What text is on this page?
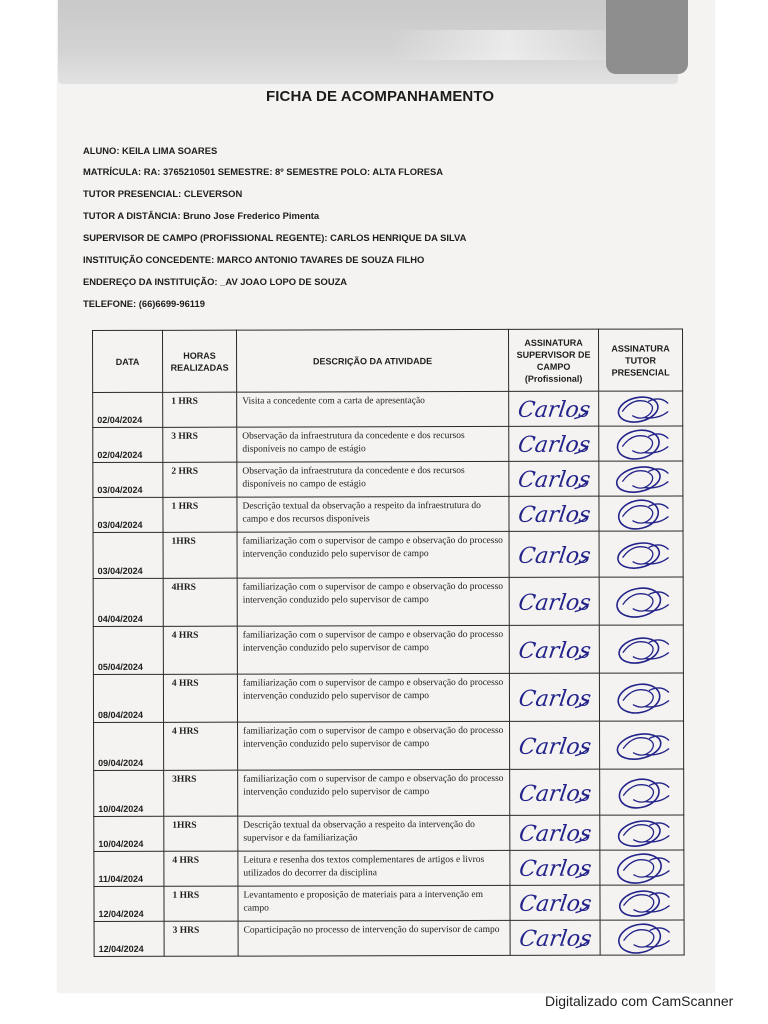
FICHA DE ACOMPANHAMENTO
ALUNO: KEILA LIMA SOARES
MATRÍCULA: RA: 3765210501 SEMESTRE: 8º SEMESTRE POLO: ALTA FLORESA
TUTOR PRESENCIAL: CLEVERSON
TUTOR A DISTÂNCIA: Bruno Jose Frederico Pimenta
SUPERVISOR DE CAMPO (PROFISSIONAL REGENTE): CARLOS HENRIQUE DA SILVA
INSTITUIÇÃO CONCEDENTE: MARCO ANTONIO TAVARES DE SOUZA FILHO
ENDEREÇO DA INSTITUIÇÃO: _AV JOAO LOPO DE SOUZA
TELEFONE: (66)6699-96119
DATA	HORAS REALIZADAS	DESCRIÇÃO DA ATIVIDADE	ASSINATURA SUPERVISOR DE CAMPO (Profissional)	ASSINATURA TUTOR PRESENCIAL
02/04/2024	1 HRS	Visita a concedente com a carta de apresentação	Carlos

02/04/2024	3 HRS	Observação da infraestrutura da concedente e dos recursos disponíveis no campo de estágio	Carlos

03/04/2024	2 HRS	Observação da infraestrutura da concedente e dos recursos disponíveis no campo de estágio	Carlos

03/04/2024	1 HRS	Descrição textual da observação a respeito da infraestrutura do campo e dos recursos disponíveis	Carlos

03/04/2024	1HRS	familiarização com o supervisor de campo e observação do processo intervenção conduzido pelo supervisor de campo	Carlos

04/04/2024	4HRS	familiarização com o supervisor de campo e observação do processo intervenção conduzido pelo supervisor de campo	Carlos

05/04/2024	4 HRS	familiarização com o supervisor de campo e observação do processo intervenção conduzido pelo supervisor de campo	Carlos

08/04/2024	4 HRS	familiarização com o supervisor de campo e observação do processo intervenção conduzido pelo supervisor de campo	Carlos

09/04/2024	4 HRS	familiarização com o supervisor de campo e observação do processo intervenção conduzido pelo supervisor de campo	Carlos

10/04/2024	3HRS	familiarização com o supervisor de campo e observação do processo intervenção conduzido pelo supervisor de campo	Carlos

10/04/2024	1HRS	Descrição textual da observação a respeito da intervenção do supervisor e da familiarização	Carlos

11/04/2024	4 HRS	Leitura e resenha dos textos complementares de artigos e livros utilizados do decorrer da disciplina	Carlos

12/04/2024	1 HRS	Levantamento e proposição de materiais para a intervenção em campo	Carlos

12/04/2024	3 HRS	Coparticipação no processo de intervenção do supervisor de campo	Carlos

Digitalizado com CamScanner
